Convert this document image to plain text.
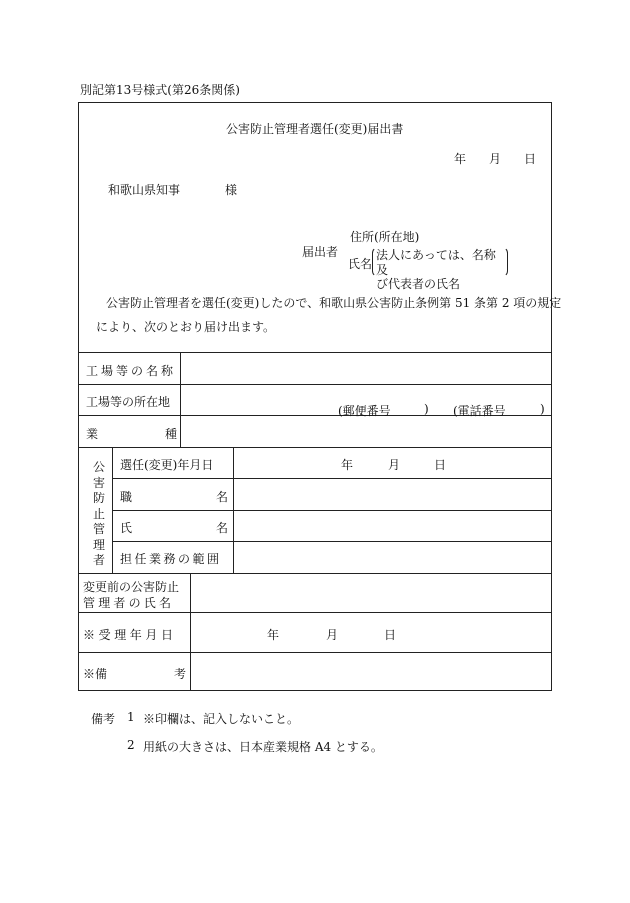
別記第13号様式(第26条関係)
公害防止管理者選任(変更)届出書
年 月 日
和歌山県知事	様
住所(所在地)
届出者
氏名
法人にあっては、名称及
び代表者の氏名
公害防止管理者を選任(変更)したので、和歌山県公害防止条例第 51 条第 2 項の規定
により、次のとおり届け出ます。
工場等の名称
工場等の所在地
(郵便番号	) (電話番号	)
業	種
公害防止管理者
選任(変更)年月日	年	月	日
職	名
氏	名
担任業務の範囲
変更前の公害防止
管理者の氏名
※受理年月日	年	月	日
※備	考
備考 1 ※印欄は、記入しないこと。
2 用紙の大きさは、日本産業規格 A4 とする。
